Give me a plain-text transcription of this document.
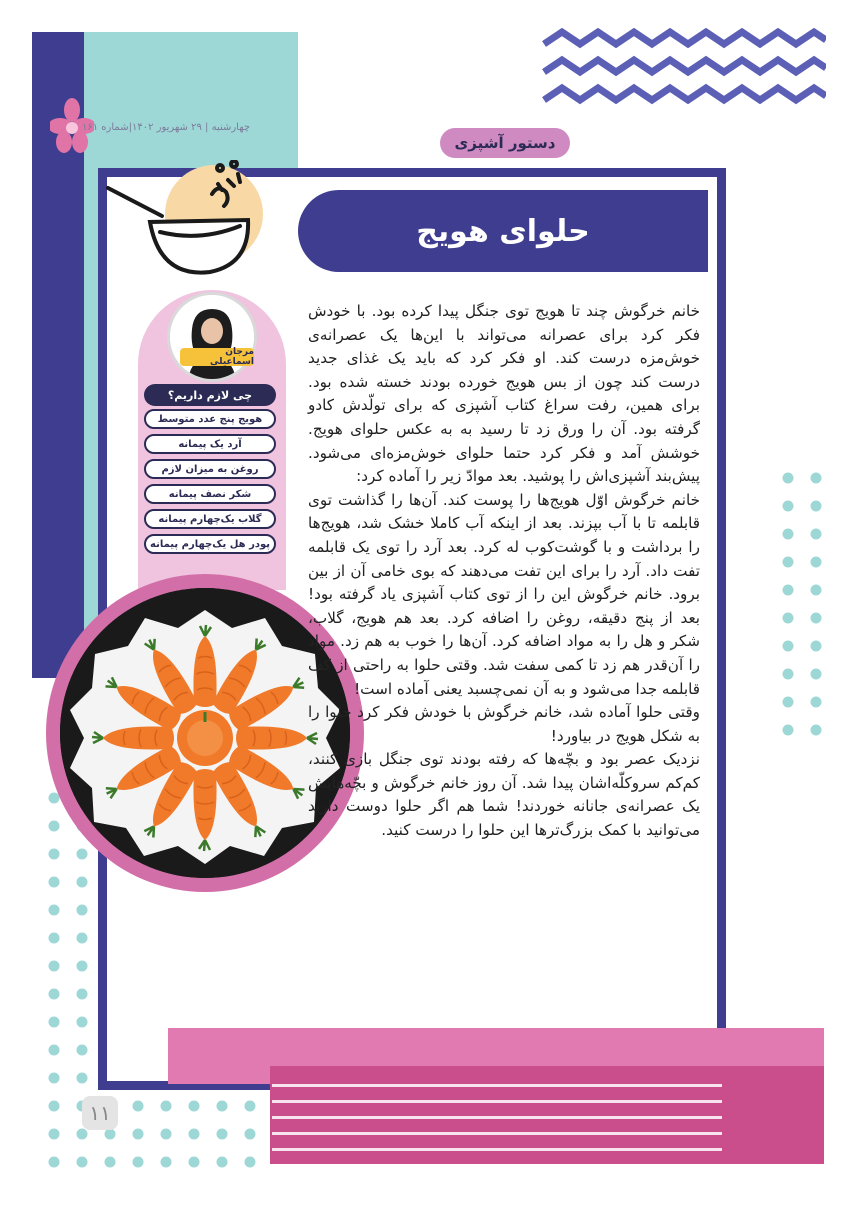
چهارشنبه | ۲۹ شهریور ۱۴۰۲|شماره ۱۶۱
دستور آشپزی
حلوای هویج
مرجان اسماعیلی
چی لازم داریم؟
هویج پنج عدد متوسط
آرد یک پیمانه
روغن به میزان لازم
شکر نصف پیمانه
گلاب یک‌چهارم پیمانه
پودر هل یک‌چهارم پیمانه
خانم خرگوش چند تا هویج توی جنگل پیدا کرده بود. با خودش فکر کرد برای عصرانه می‌تواند با این‌ها یک عصرانه‌ی خوش‌مزه درست کند. او فکر کرد که باید یک غذای جدید درست کند چون از بس هویج خورده بودند خسته شده بود. برای همین، رفت سراغ کتاب آشپزی که برای تولّدش کادو گرفته بود. آن را ورق زد تا رسید به به عکس حلوای هویج. خوشش آمد و فکر کرد حتما حلوای خوش‌مزه‌ای می‌شود. پیش‌بند آشپزی‌اش را پوشید. بعد موادّ زیر را آماده کرد:
خانم خرگوش اوّل هویج‌ها را پوست کند. آن‌ها را گذاشت توی قابلمه تا با آب بپزند. بعد از اینکه آب کاملا خشک شد، هویج‌ها را برداشت و با گوشت‌کوب له کرد. بعد آرد را توی یک قابلمه تفت داد. آرد را برای این تفت می‌دهند که بوی خامی آن از بین برود. خانم خرگوش این را از توی کتاب آشپزی یاد گرفته بود! بعد از پنج دقیقه، روغن را اضافه کرد. بعد هم هویج، گلاب، شکر و هل را به مواد اضافه کرد. آن‌ها را خوب به‌ هم زد. مواد را آن‌قدر هم زد تا کمی سفت شد. وقتی حلوا به‌ راحتی از کف قابلمه جدا می‌شود و به آن نمی‌چسبد یعنی آماده است!
وقتی حلوا آماده شد، خانم خرگوش با خودش فکر کرد حلوا را به شکل هویج در بیاورد!
نزدیک عصر بود و بچّه‌ها که رفته بودند توی جنگل بازی کنند، کم‌کم سروکلّه‌اشان پیدا شد. آن روز خانم خرگوش و بچّه‌هایش یک عصرانه‌ی جانانه خوردند! شما هم اگر حلوا دوست دارید می‌توانید با کمک بزرگ‌ترها این حلوا را درست کنید.
۱۱
